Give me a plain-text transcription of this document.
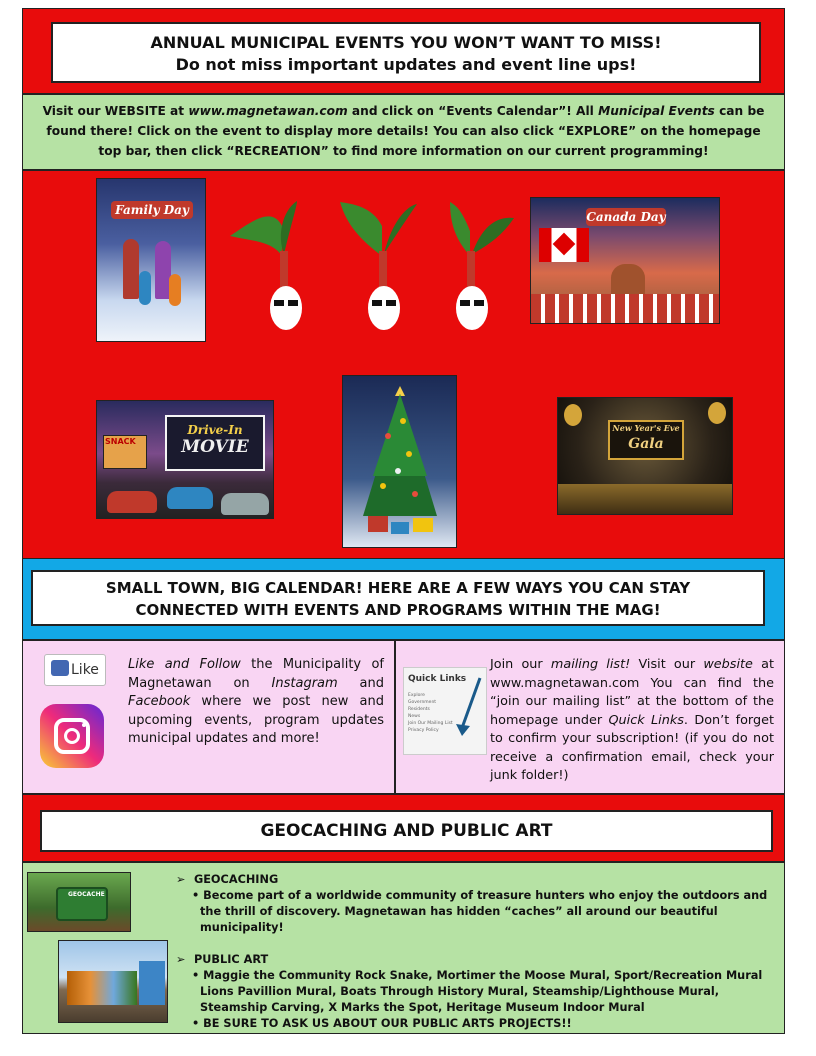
ANNUAL MUNICIPAL EVENTS YOU WON’T WANT TO MISS!
Do not miss important updates and event line ups!
Visit our WEBSITE at www.magnetawan.com and click on “Events Calendar”! All Municipal Events can be found there! Click on the event to display more details! You can also click “EXPLORE” on the homepage top bar, then click “RECREATION” to find more information on our current programming!
Family Day	Canada Day
SNACK
Drive-In
MOVIE
New Year's Eve
Gala
SMALL TOWN, BIG CALENDAR! HERE ARE A FEW WAYS YOU CAN STAY
CONNECTED WITH EVENTS AND PROGRAMS WITHIN THE MAG!
Like	Like and Follow the Municipality of Magnetawan on Instagram and Facebook where we post new and upcoming events, program updates municipal updates and more!
Quick Links
Explore
Government
Residents
News
Join Our Mailing List
Privacy Policy
Join our mailing list! Visit our website at www.magnetawan.com You can find the “join our mailing list” at the bottom of the homepage under Quick Links. Don’t forget to confirm your subscription! (if you do not receive a confirmation email, check your junk folder!)
GEOCACHING AND PUBLIC ART
GEOCACHE
➢ GEOCACHING
• Become part of a worldwide community of treasure hunters who enjoy the outdoors and the thrill of discovery. Magnetawan has hidden “caches” all around our beautiful municipality!
➢ PUBLIC ART
• Maggie the Community Rock Snake, Mortimer the Moose Mural, Sport/Recreation Mural Lions Pavillion Mural, Boats Through History Mural, Steamship/Lighthouse Mural, Steamship Carving, X Marks the Spot, Heritage Museum Indoor Mural
• BE SURE TO ASK US ABOUT OUR PUBLIC ARTS PROJECTS!!
